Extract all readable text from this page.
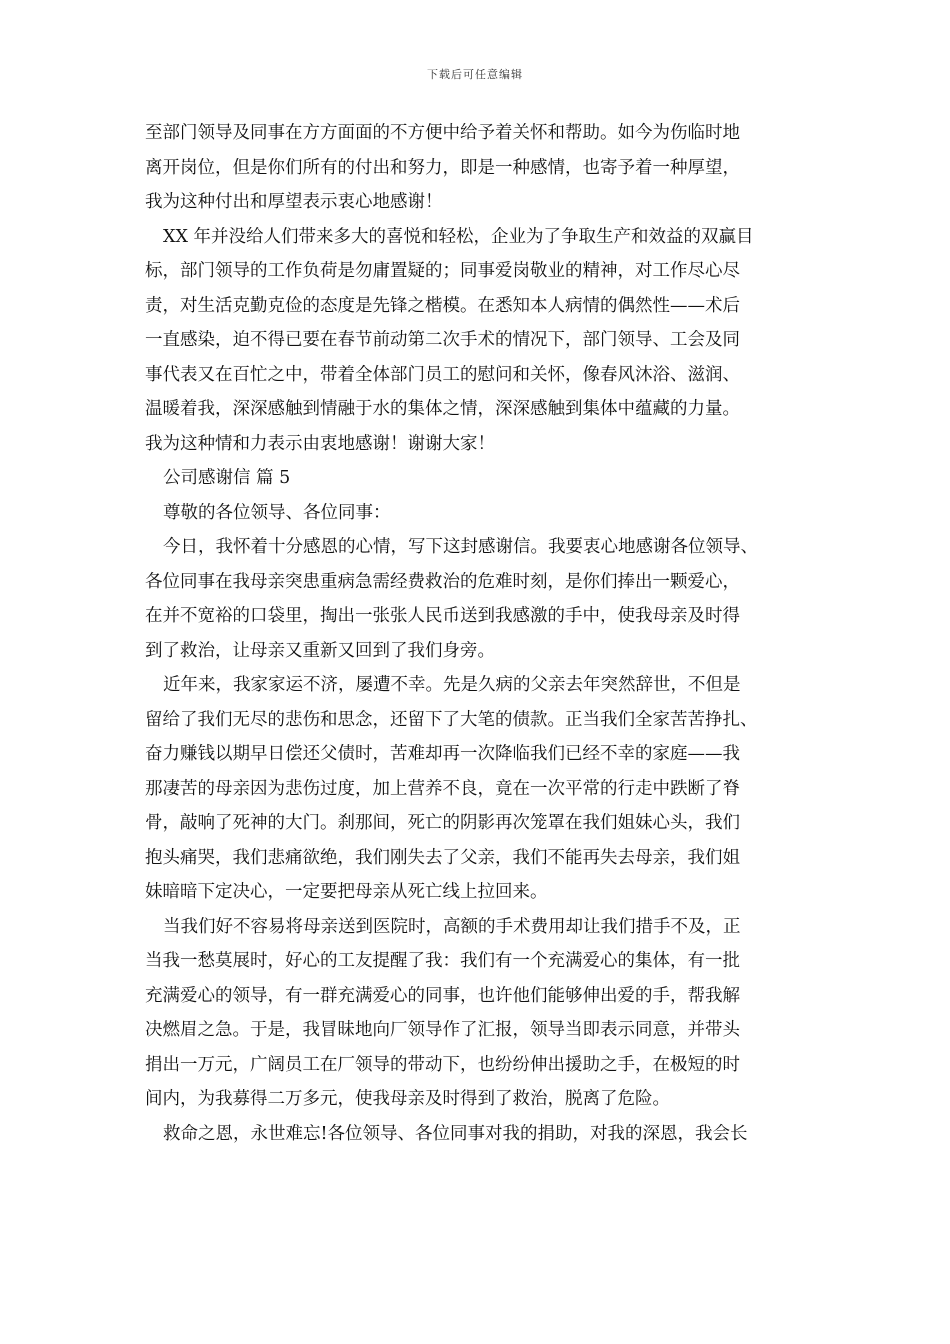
下载后可任意编辑
至部门领导及同事在方方面面的不方便中给予着关怀和帮助。如今为伤临时地
离开岗位，但是你们所有的付出和努力，即是一种感情，也寄予着一种厚望，
我为这种付出和厚望表示衷心地感谢！
XX 年并没给人们带来多大的喜悦和轻松，企业为了争取生产和效益的双赢目
标，部门领导的工作负荷是勿庸置疑的；同事爱岗敬业的精神，对工作尽心尽
责，对生活克勤克俭的态度是先锋之楷模。在悉知本人病情的偶然性——术后
一直感染，迫不得已要在春节前动第二次手术的情况下，部门领导、工会及同
事代表又在百忙之中，带着全体部门员工的慰问和关怀，像春风沐浴、滋润、
温暖着我，深深感触到情融于水的集体之情，深深感触到集体中蕴藏的力量。
我为这种情和力表示由衷地感谢！谢谢大家！
公司感谢信 篇 5
尊敬的各位领导、各位同事：
今日，我怀着十分感恩的心情，写下这封感谢信。我要衷心地感谢各位领导、
各位同事在我母亲突患重病急需经费救治的危难时刻，是你们捧出一颗爱心，
在并不宽裕的口袋里，掏出一张张人民币送到我感激的手中，使我母亲及时得
到了救治，让母亲又重新又回到了我们身旁。
近年来，我家家运不济，屡遭不幸。先是久病的父亲去年突然辞世，不但是
留给了我们无尽的悲伤和思念，还留下了大笔的债款。正当我们全家苦苦挣扎、
奋力赚钱以期早日偿还父债时，苦难却再一次降临我们已经不幸的家庭——我
那凄苦的母亲因为悲伤过度，加上营养不良，竟在一次平常的行走中跌断了脊
骨，敲响了死神的大门。刹那间，死亡的阴影再次笼罩在我们姐妹心头，我们
抱头痛哭，我们悲痛欲绝，我们刚失去了父亲，我们不能再失去母亲，我们姐
妹暗暗下定决心，一定要把母亲从死亡线上拉回来。
当我们好不容易将母亲送到医院时，高额的手术费用却让我们措手不及，正
当我一愁莫展时，好心的工友提醒了我：我们有一个充满爱心的集体，有一批
充满爱心的领导，有一群充满爱心的同事，也许他们能够伸出爱的手，帮我解
决燃眉之急。于是，我冒昧地向厂领导作了汇报，领导当即表示同意，并带头
捐出一万元，广阔员工在厂领导的带动下，也纷纷伸出援助之手，在极短的时
间内，为我募得二万多元，使我母亲及时得到了救治，脱离了危险。
救命之恩，永世难忘!各位领导、各位同事对我的捐助，对我的深恩，我会长
